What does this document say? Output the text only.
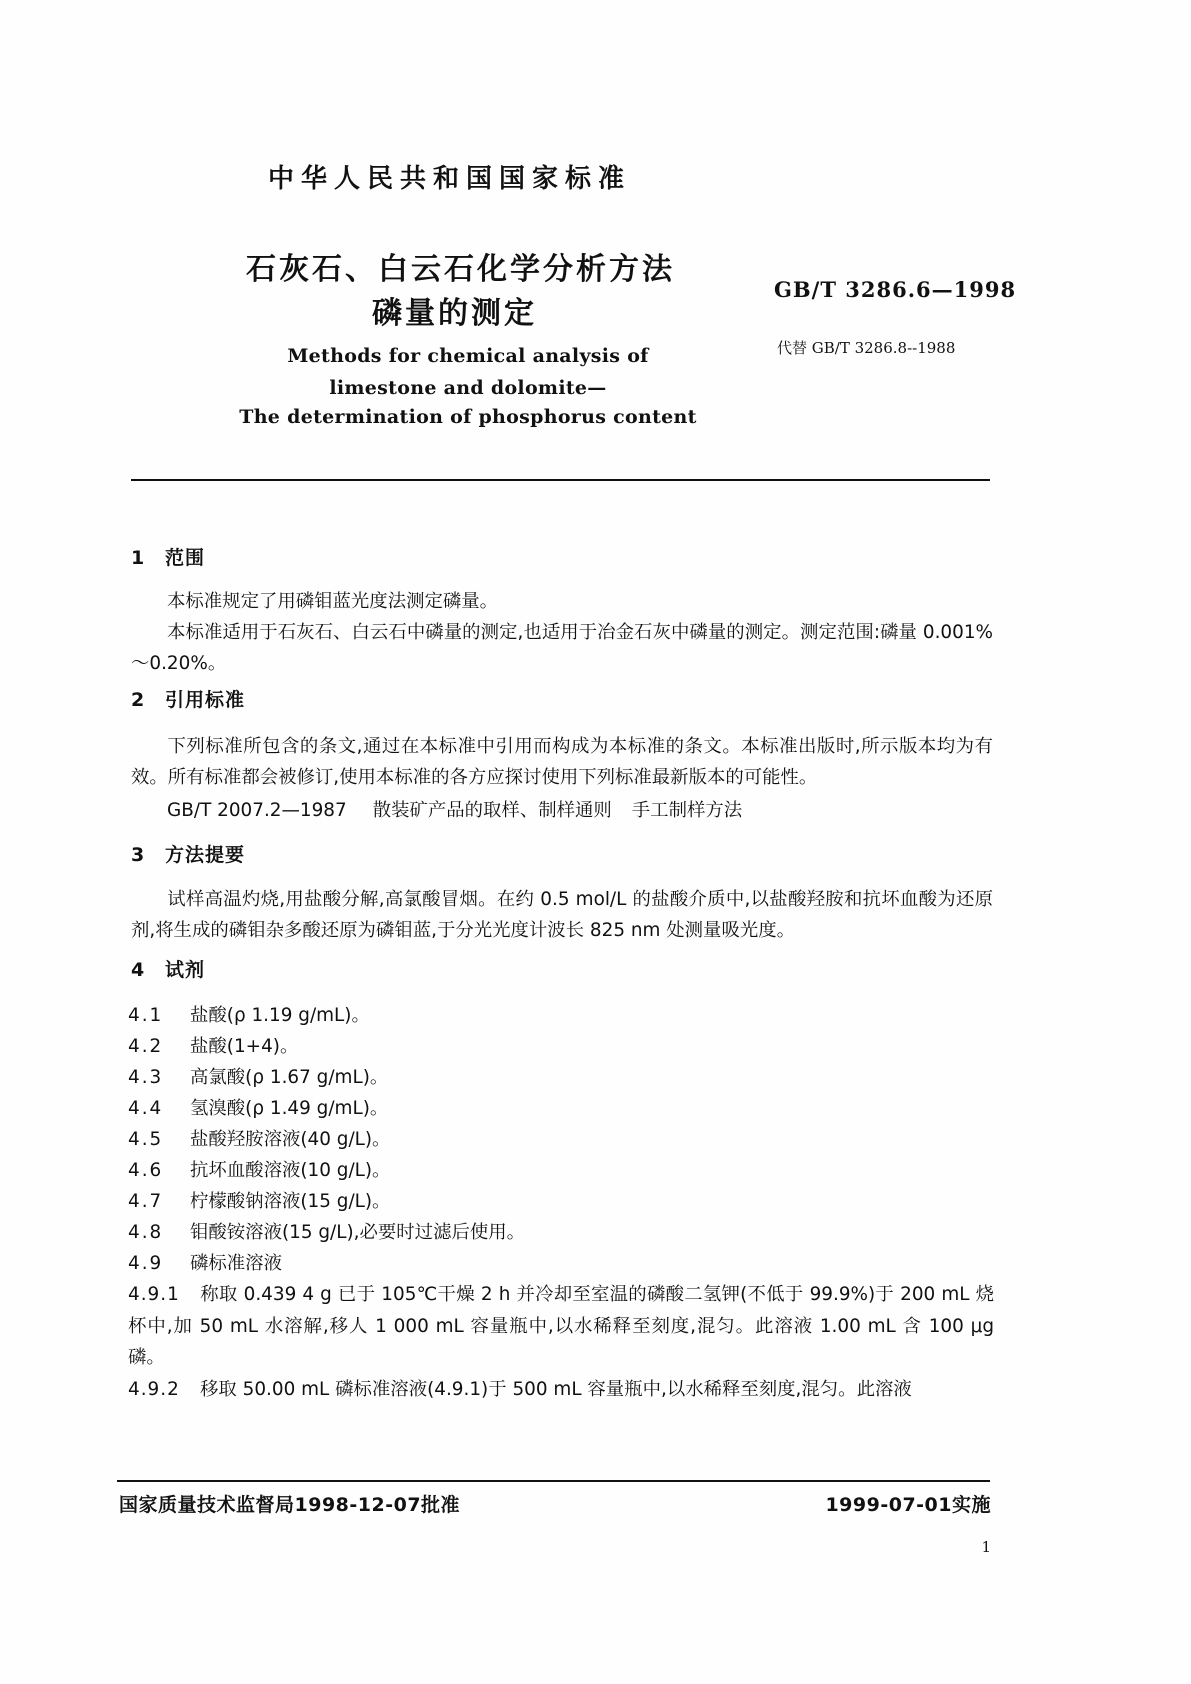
中华人民共和国国家标准
石灰石、白云石化学分析方法
磷量的测定
GB/T 3286.6—1998
代替 GB/T 3286.8--1988
Methods for chemical analysis of
limestone and dolomite—
The determination of phosphorus content
1 范围
本标准规定了用磷钼蓝光度法测定磷量。
本标准适用于石灰石、白云石中磷量的测定,也适用于冶金石灰中磷量的测定。测定范围:磷量 0.001%～0.20%。
2 引用标准
下列标准所包含的条文,通过在本标准中引用而构成为本标准的条文。本标准出版时,所示版本均为有效。所有标准都会被修订,使用本标准的各方应探讨使用下列标准最新版本的可能性。
GB/T 2007.2—1987 散装矿产品的取样、制样通则 手工制样方法
3 方法提要
试样高温灼烧,用盐酸分解,高氯酸冒烟。在约 0.5 mol/L 的盐酸介质中,以盐酸羟胺和抗坏血酸为还原剂,将生成的磷钼杂多酸还原为磷钼蓝,于分光光度计波长 825 nm 处测量吸光度。
4 试剂
4.1 盐酸(ρ 1.19 g/mL)。
4.2 盐酸(1+4)。
4.3 高氯酸(ρ 1.67 g/mL)。
4.4 氢溴酸(ρ 1.49 g/mL)。
4.5 盐酸羟胺溶液(40 g/L)。
4.6 抗坏血酸溶液(10 g/L)。
4.7 柠檬酸钠溶液(15 g/L)。
4.8 钼酸铵溶液(15 g/L),必要时过滤后使用。
4.9 磷标准溶液
4.9.1 称取 0.439 4 g 已于 105℃干燥 2 h 并冷却至室温的磷酸二氢钾(不低于 99.9%)于 200 mL 烧杯中,加 50 mL 水溶解,移人 1 000 mL 容量瓶中,以水稀释至刻度,混匀。此溶液 1.00 mL 含 100 μg 磷。
4.9.2 移取 50.00 mL 磷标准溶液(4.9.1)于 500 mL 容量瓶中,以水稀释至刻度,混匀。此溶液
国家质量技术监督局1998-12-07批准	1999-07-01实施
1
